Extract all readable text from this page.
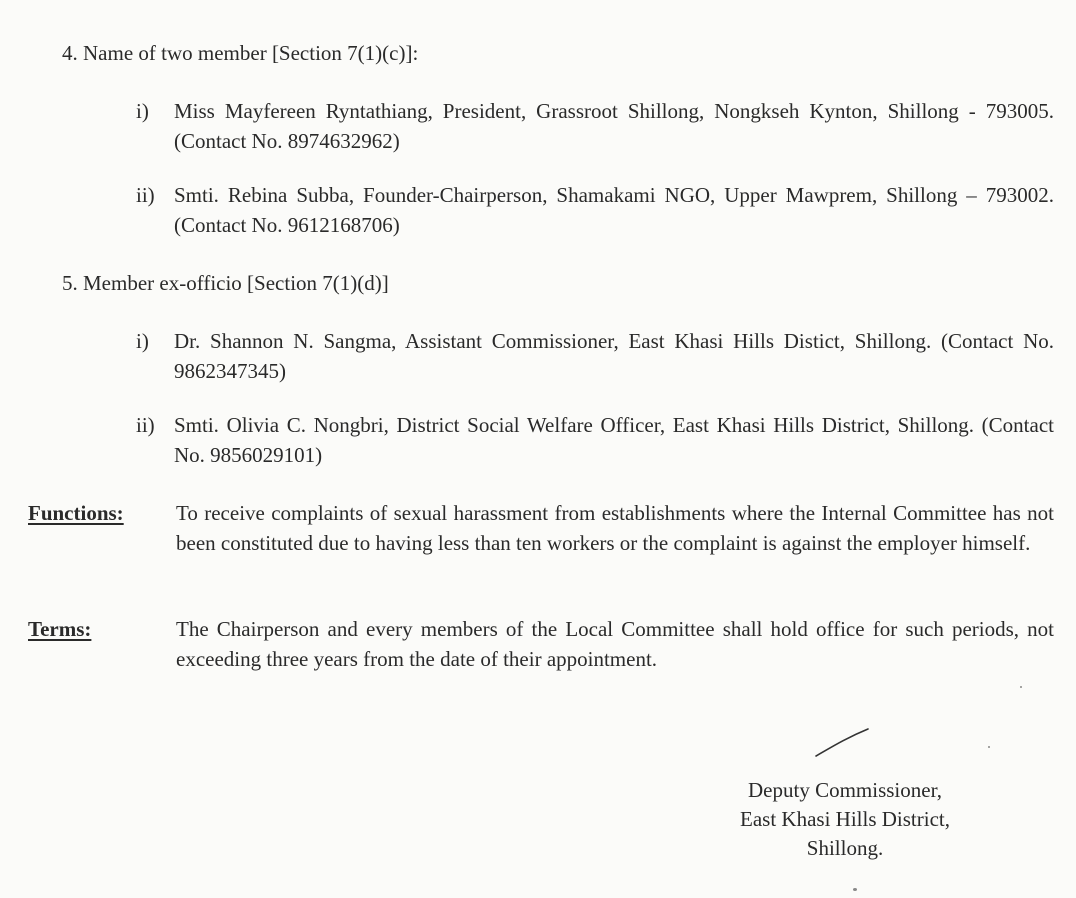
4. Name of two member [Section 7(1)(c)]:
i) Miss Mayfereen Ryntathiang, President, Grassroot Shillong, Nongkseh Kynton, Shillong - 793005. (Contact No. 8974632962)
ii) Smti. Rebina Subba, Founder-Chairperson, Shamakami NGO, Upper Mawprem, Shillong – 793002. (Contact No. 9612168706)
5. Member ex-officio [Section 7(1)(d)]
i) Dr. Shannon N. Sangma, Assistant Commissioner, East Khasi Hills Distict, Shillong. (Contact No. 9862347345)
ii) Smti. Olivia C. Nongbri, District Social Welfare Officer, East Khasi Hills District, Shillong. (Contact No. 9856029101)
Functions: To receive complaints of sexual harassment from establishments where the Internal Committee has not been constituted due to having less than ten workers or the complaint is against the employer himself.
Terms:	The Chairperson and every members of the Local Committee shall hold office for such periods, not exceeding three years from the date of their appointment.
Deputy Commissioner,
East Khasi Hills District,
Shillong.
